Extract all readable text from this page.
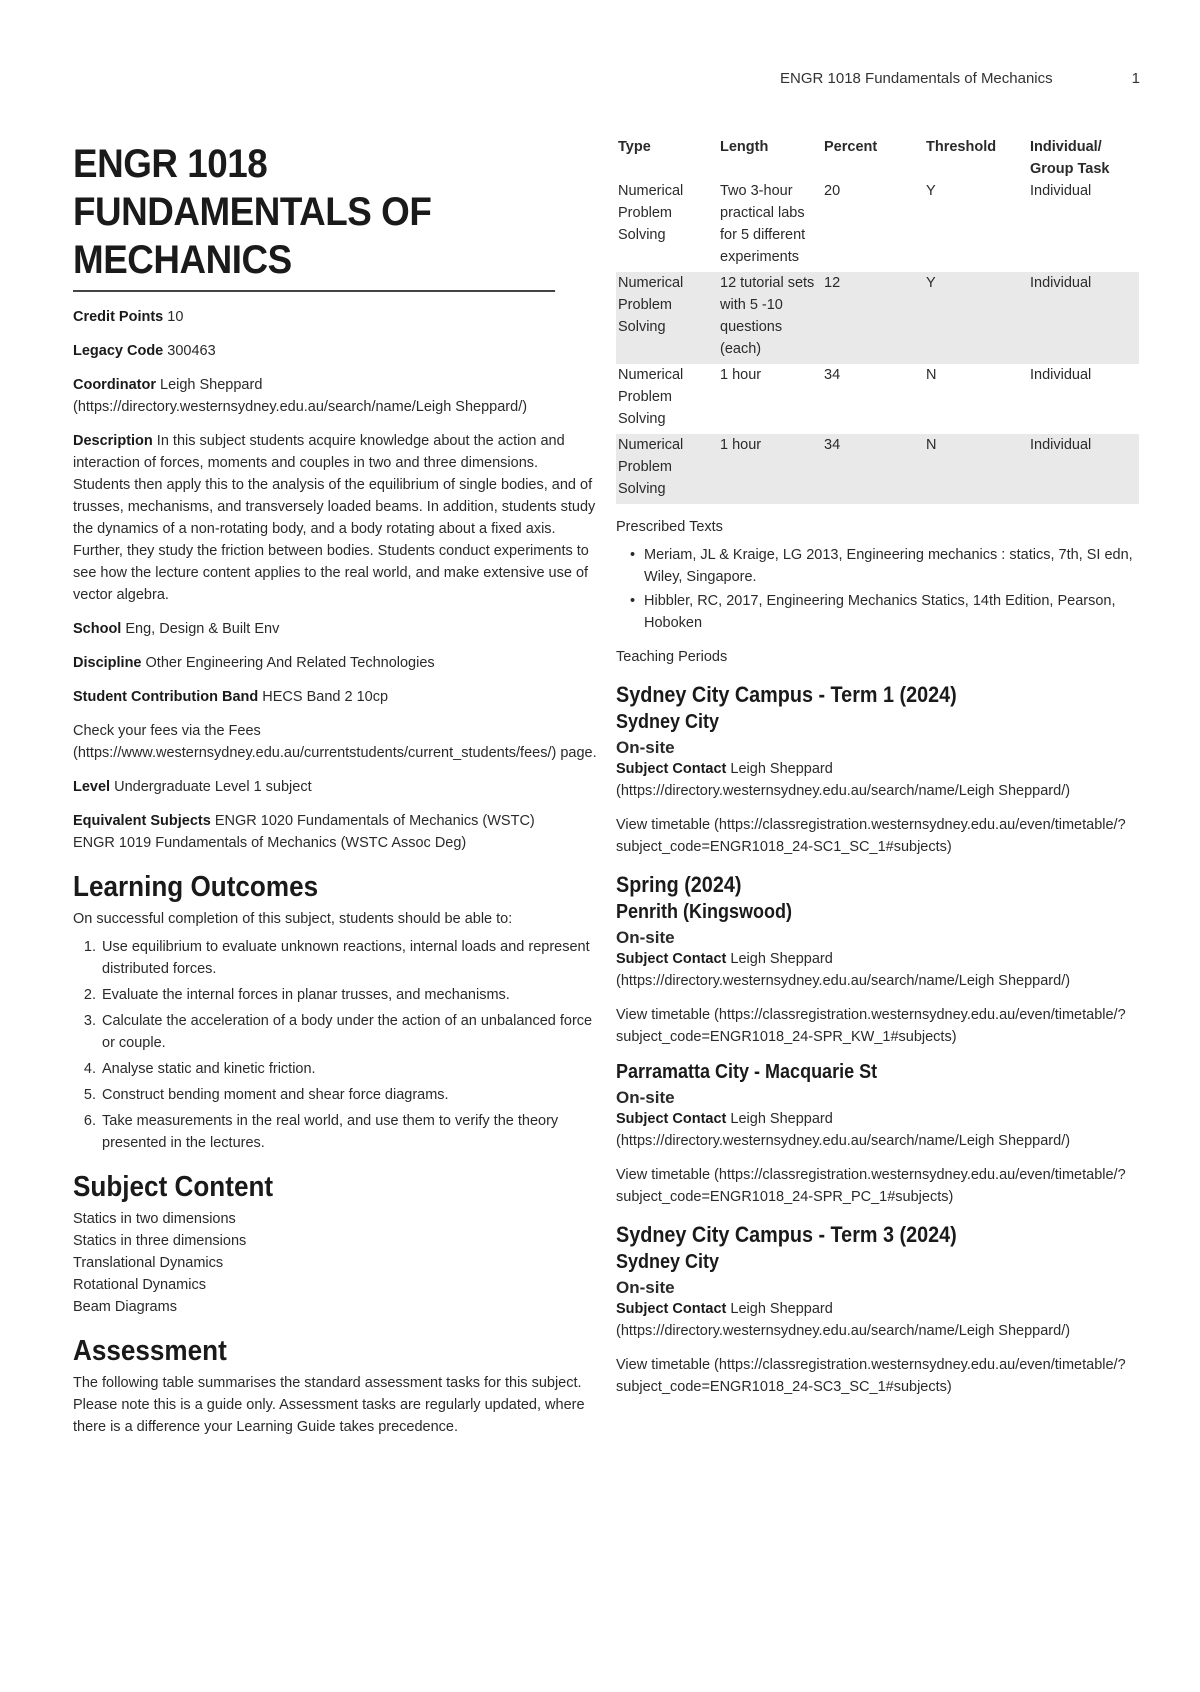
ENGR 1018 Fundamentals of Mechanics	1
ENGR 1018 FUNDAMENTALS OF MECHANICS

Credit Points 10

Legacy Code 300463

Coordinator Leigh Sheppard (https://directory.westernsydney.edu.au/search/name/Leigh Sheppard/)

Description In this subject students acquire knowledge about the action and interaction of forces, moments and couples in two and three dimensions. Students then apply this to the analysis of the equilibrium of single bodies, and of trusses, mechanisms, and transversely loaded beams. In addition, students study the dynamics of a non-rotating body, and a body rotating about a fixed axis. Further, they study the friction between bodies. Students conduct experiments to see how the lecture content applies to the real world, and make extensive use of vector algebra.

School Eng, Design & Built Env

Discipline Other Engineering And Related Technologies

Student Contribution Band HECS Band 2 10cp

Check your fees via the Fees (https://www.westernsydney.edu.au/currentstudents/current_students/fees/) page.

Level Undergraduate Level 1 subject

Equivalent Subjects ENGR 1020 Fundamentals of Mechanics (WSTC)
ENGR 1019 Fundamentals of Mechanics (WSTC Assoc Deg)

Learning Outcomes
On successful completion of this subject, students should be able to:
1. Use equilibrium to evaluate unknown reactions, internal loads and represent distributed forces.
2. Evaluate the internal forces in planar trusses, and mechanisms.
3. Calculate the acceleration of a body under the action of an unbalanced force or couple.
4. Analyse static and kinetic friction.
5. Construct bending moment and shear force diagrams.
6. Take measurements in the real world, and use them to verify the theory presented in the lectures.
Subject Content
Statics in two dimensions
Statics in three dimensions
Translational Dynamics
Rotational Dynamics
Beam Diagrams
Assessment
The following table summarises the standard assessment tasks for this subject. Please note this is a guide only. Assessment tasks are regularly updated, where there is a difference your Learning Guide takes precedence.
Type	Length	Percent	Threshold	Individual/ Group Task
Numerical Problem Solving	Two 3-hour practical labs for 5 different experiments	20	Y	Individual
Numerical Problem Solving	12 tutorial sets with 5 -10 questions (each)	12	Y	Individual
Numerical Problem Solving	1 hour	34	N	Individual
Numerical Problem Solving	1 hour	34	N	Individual

Prescribed Texts

• Meriam, JL & Kraige, LG 2013, Engineering mechanics : statics, 7th, SI edn, Wiley, Singapore.
• Hibbler, RC, 2017, Engineering Mechanics Statics, 14th Edition, Pearson, Hoboken

Teaching Periods

Sydney City Campus - Term 1 (2024)
Sydney City
On-site
Subject Contact Leigh Sheppard (https://directory.westernsydney.edu.au/search/name/Leigh Sheppard/)

View timetable (https://classregistration.westernsydney.edu.au/even/timetable/?subject_code=ENGR1018_24-SC1_SC_1#subjects)

Spring (2024)
Penrith (Kingswood)
On-site
Subject Contact Leigh Sheppard (https://directory.westernsydney.edu.au/search/name/Leigh Sheppard/)

View timetable (https://classregistration.westernsydney.edu.au/even/timetable/?subject_code=ENGR1018_24-SPR_KW_1#subjects)

Parramatta City - Macquarie St
On-site
Subject Contact Leigh Sheppard (https://directory.westernsydney.edu.au/search/name/Leigh Sheppard/)

View timetable (https://classregistration.westernsydney.edu.au/even/timetable/?subject_code=ENGR1018_24-SPR_PC_1#subjects)

Sydney City Campus - Term 3 (2024)
Sydney City
On-site
Subject Contact Leigh Sheppard (https://directory.westernsydney.edu.au/search/name/Leigh Sheppard/)

View timetable (https://classregistration.westernsydney.edu.au/even/timetable/?subject_code=ENGR1018_24-SC3_SC_1#subjects)
